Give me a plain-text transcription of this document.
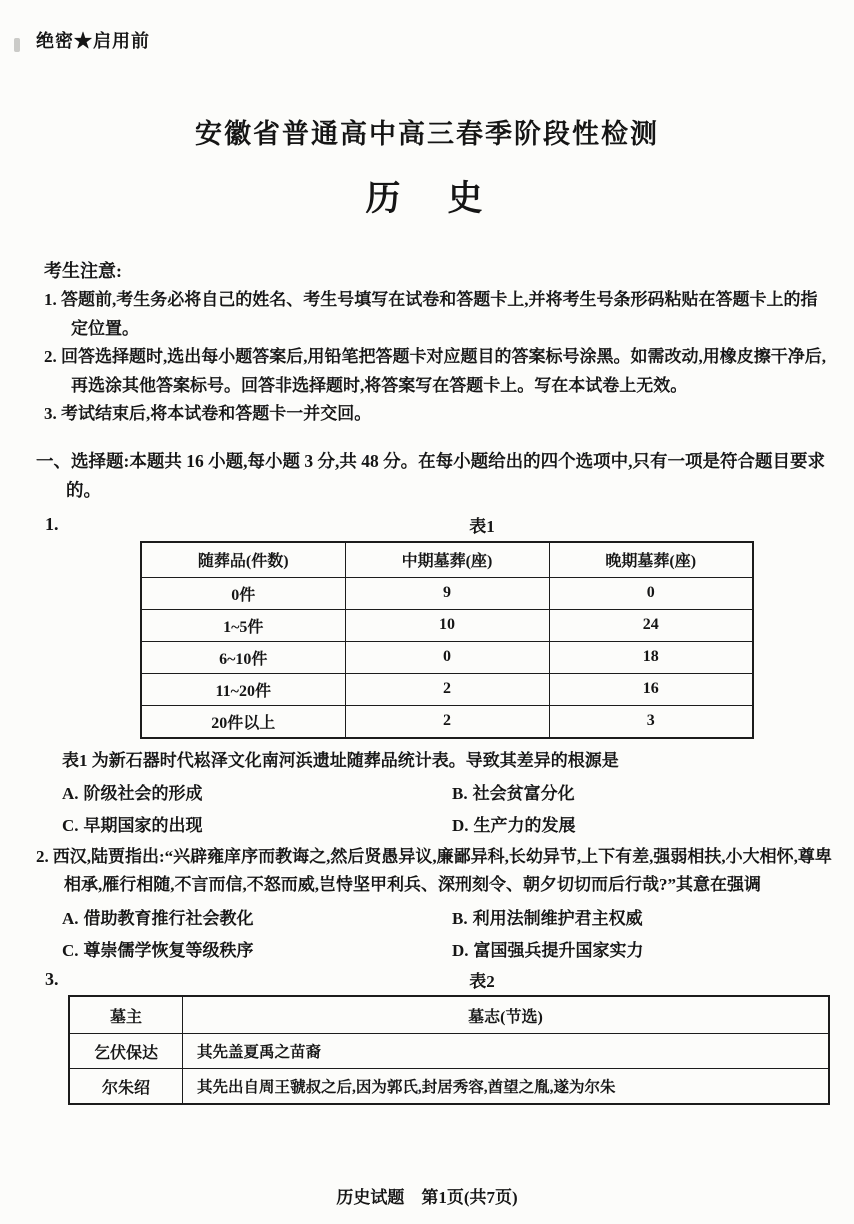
绝密★启用前
安徽省普通高中高三春季阶段性检测
历　史
考生注意:

1. 答题前,考生务必将自己的姓名、考生号填写在试卷和答题卡上,并将考生号条形码粘贴在答题卡上的指定位置。

2. 回答选择题时,选出每小题答案后,用铅笔把答题卡对应题目的答案标号涂黑。如需改动,用橡皮擦干净后,再选涂其他答案标号。回答非选择题时,将答案写在答题卡上。写在本试卷上无效。

3. 考试结束后,将本试卷和答题卡一并交回。

一、选择题:本题共 16 小题,每小题 3 分,共 48 分。在每小题给出的四个选项中,只有一项是符合题目要求的。

1.	表1
随葬品(件数)	中期墓葬(座)	晚期墓葬(座)
0件	9	0
1~5件	10	24
6~10件	0	18
11~20件	2	16
20件以上	2	3

表1 为新石器时代崧泽文化南河浜遗址随葬品统计表。导致其差异的根源是

A. 阶级社会的形成	B. 社会贫富分化
C. 早期国家的出现	D. 生产力的发展

2. 西汉,陆贾指出:“兴辟雍庠序而教诲之,然后贤愚异议,廉鄙异科,长幼异节,上下有差,强弱相扶,小大相怀,尊卑相承,雁行相随,不言而信,不怒而威,岂恃坚甲利兵、深刑刻令、朝夕切切而后行哉?”其意在强调

A. 借助教育推行社会教化	B. 利用法制维护君主权威
C. 尊崇儒学恢复等级秩序	D. 富国强兵提升国家实力
3.	表2
墓主	墓志(节选)
乞伏保达	其先盖夏禹之苗裔
尔朱绍	其先出自周王虢叔之后,因为郭氏,封居秀容,酋望之胤,遂为尔朱
历史试题　第1页(共7页)
